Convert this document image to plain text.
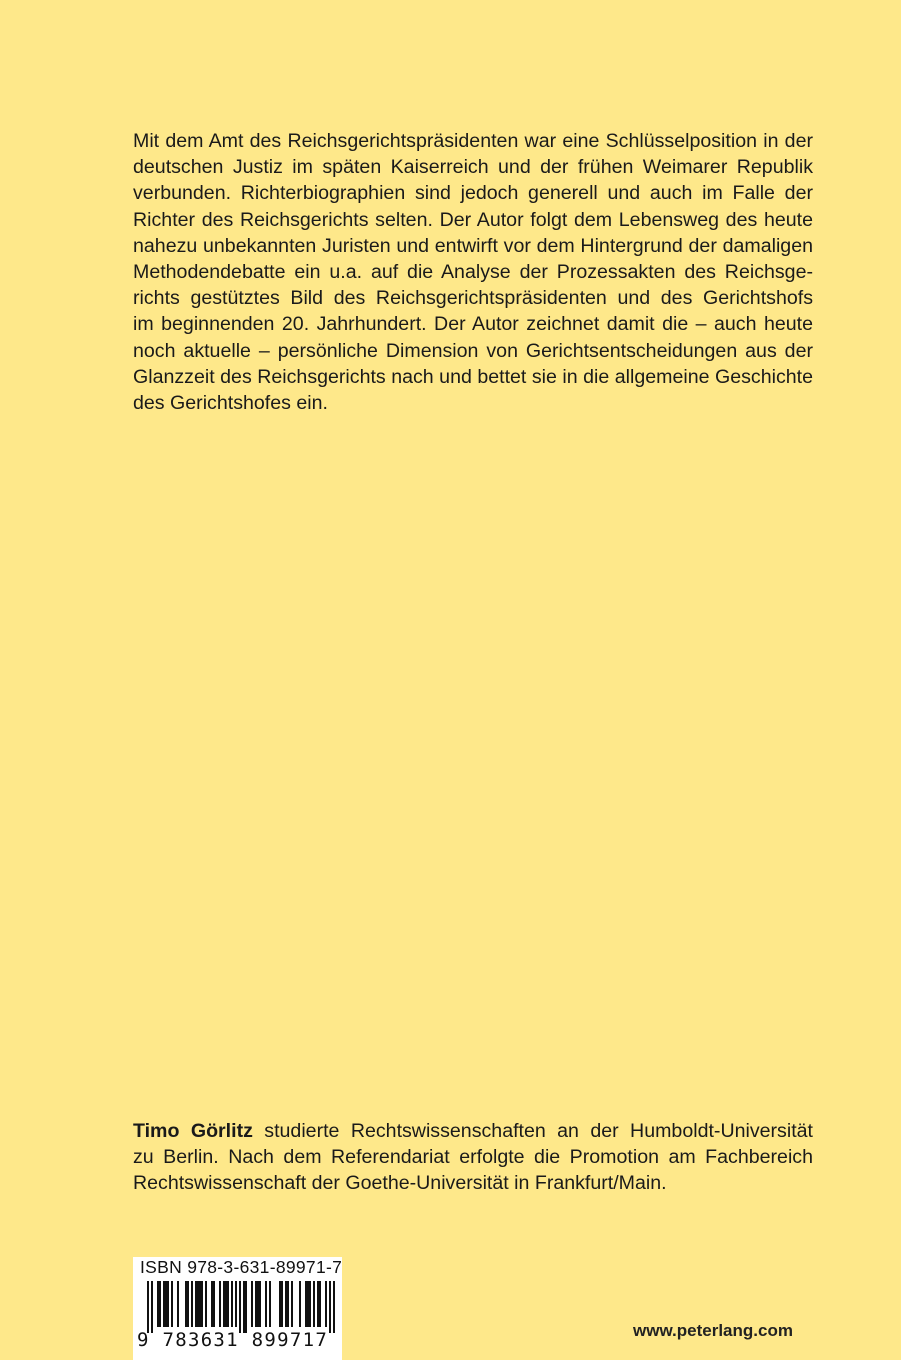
Mit dem Amt des Reichsgerichtspräsidenten war eine Schlüsselposition in der
deutschen Justiz im späten Kaiserreich und der frühen Weimarer Republik
verbunden. Richterbiographien sind jedoch generell und auch im Falle der
Richter des Reichsgerichts selten. Der Autor folgt dem Lebensweg des heute
nahezu unbekannten Juristen und entwirft vor dem Hintergrund der damaligen
Methodendebatte ein u.a. auf die Analyse der Prozessakten des Reichsge-
richts gestütztes Bild des Reichsgerichtspräsidenten und des Gerichtshofs
im beginnenden 20. Jahrhundert. Der Autor zeichnet damit die – auch heute
noch aktuelle – persönliche Dimension von Gerichtsentscheidungen aus der
Glanzzeit des Reichsgerichts nach und bettet sie in die allgemeine Geschichte
des Gerichtshofes ein.
Timo Görlitz studierte Rechtswissenschaften an der Humboldt-Universität
zu Berlin. Nach dem Referendariat erfolgte die Promotion am Fachbereich
Rechtswissenschaft der Goethe-Universität in Frankfurt/Main.
ISBN 978-3-631-89971-7
9 783631 899717	www.peterlang.com
